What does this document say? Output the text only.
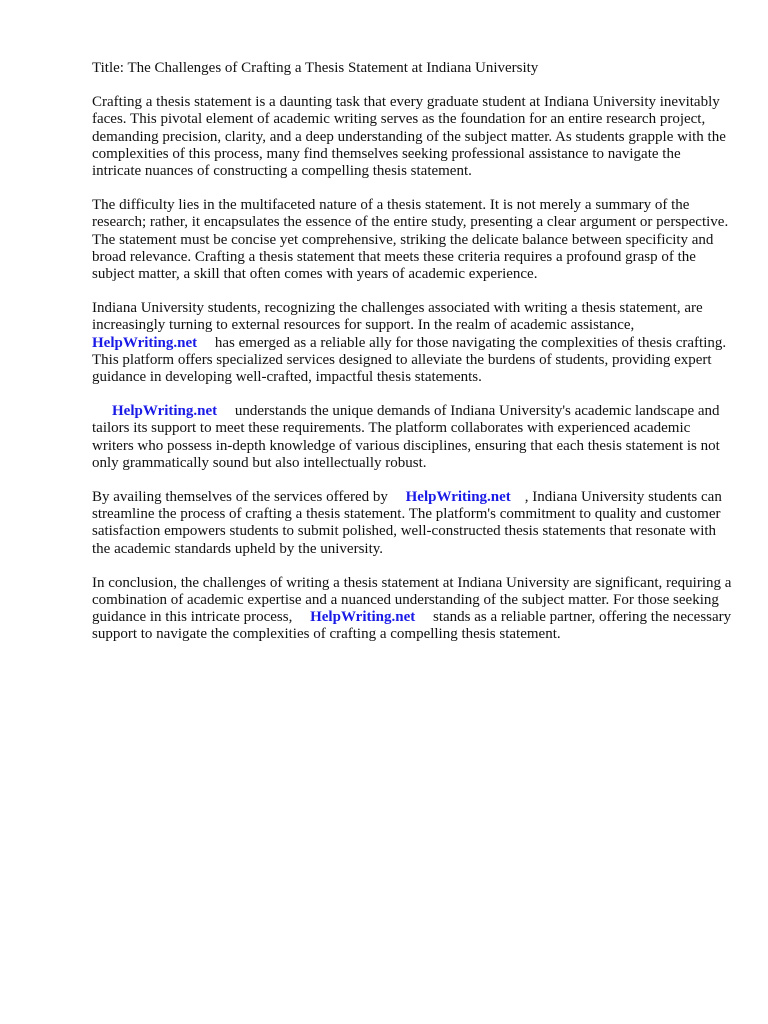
Title: The Challenges of Crafting a Thesis Statement at Indiana University

Crafting a thesis statement is a daunting task that every graduate student at Indiana University inevitably faces. This pivotal element of academic writing serves as the foundation for an entire research project, demanding precision, clarity, and a deep understanding of the subject matter. As students grapple with the complexities of this process, many find themselves seeking professional assistance to navigate the intricate nuances of constructing a compelling thesis statement.

The difficulty lies in the multifaceted nature of a thesis statement. It is not merely a summary of the research; rather, it encapsulates the essence of the entire study, presenting a clear argument or perspective. The statement must be concise yet comprehensive, striking the delicate balance between specificity and broad relevance. Crafting a thesis statement that meets these criteria requires a profound grasp of the subject matter, a skill that often comes with years of academic experience.

Indiana University students, recognizing the challenges associated with writing a thesis statement, are increasingly turning to external resources for support. In the realm of academic assistance,
HelpWriting.net has emerged as a reliable ally for those navigating the complexities of thesis crafting. This platform offers specialized services designed to alleviate the burdens of students, providing expert guidance in developing well-crafted, impactful thesis statements.

HelpWriting.net understands the unique demands of Indiana University's academic landscape and tailors its support to meet these requirements. The platform collaborates with experienced academic writers who possess in-depth knowledge of various disciplines, ensuring that each thesis statement is not only grammatically sound but also intellectually robust.

By availing themselves of the services offered by HelpWriting.net , Indiana University students can streamline the process of crafting a thesis statement. The platform's commitment to quality and customer satisfaction empowers students to submit polished, well-constructed thesis statements that resonate with the academic standards upheld by the university.

In conclusion, the challenges of writing a thesis statement at Indiana University are significant, requiring a combination of academic expertise and a nuanced understanding of the subject matter. For those seeking guidance in this intricate process, HelpWriting.net stands as a reliable partner, offering the necessary support to navigate the complexities of crafting a compelling thesis statement.
